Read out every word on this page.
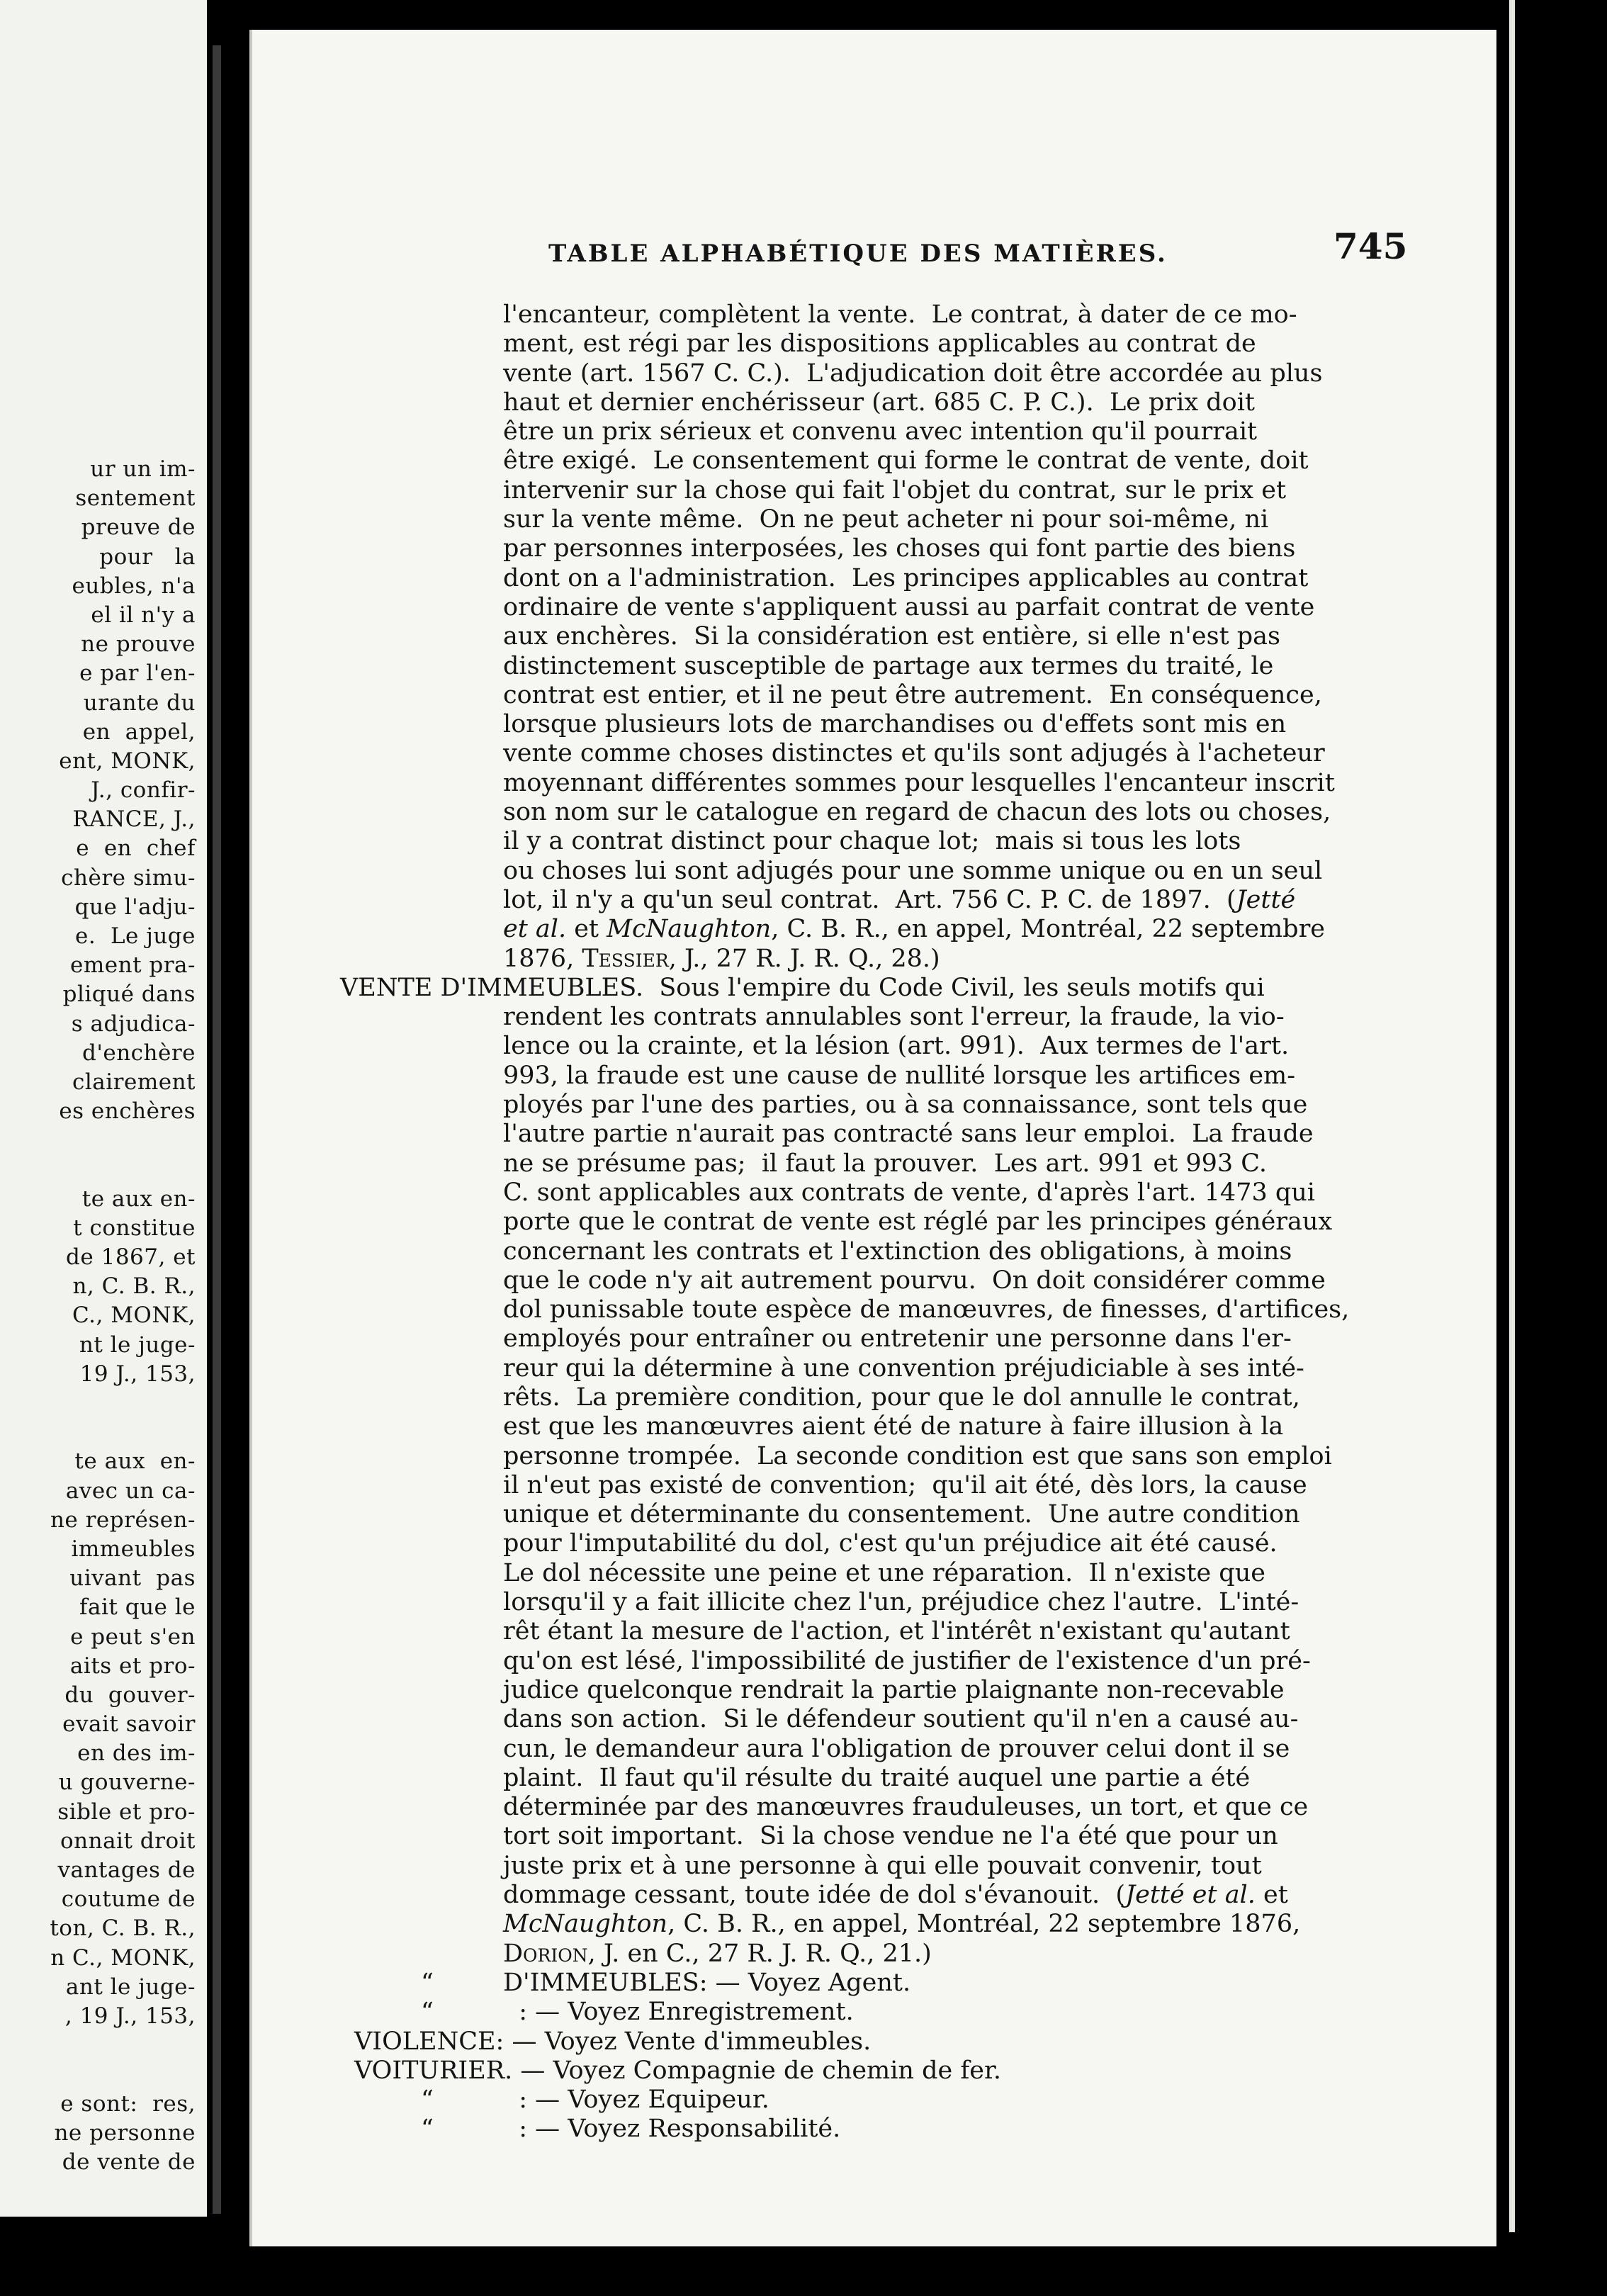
ur un im-
sentement
preuve de
pour   la
eubles, n'a
el il n'y a
ne prouve
e par l'en-
urante du
en  appel,
ent, MONK,
J., confir-
RANCE, J.,
e  en  chef
chère simu-
que l'adju-
e.  Le juge
ement pra-
pliqué dans
s adjudica-
d'enchère
clairement
es enchères
te aux en-
t constitue
de 1867, et
n, C. B. R.,
C., MONK,
nt le juge-
19 J., 153,
te aux  en-
avec un ca-
ne représen-
immeubles
uivant  pas
fait que le
e peut s'en
aits et pro-
du  gouver-
evait savoir
en des im-
u gouverne-
sible et pro-
onnait droit
vantages de
coutume de
ton, C. B. R.,
n C., MONK,
ant le juge-
, 19 J., 153,
e sont:  res,
ne personne
de vente de
TABLE ALPHABÉTIQUE DES MATIÈRES.	745
l'encanteur, complètent la vente.  Le contrat, à dater de ce mo-
ment, est régi par les dispositions applicables au contrat de
vente (art. 1567 C. C.).  L'adjudication doit être accordée au plus
haut et dernier enchérisseur (art. 685 C. P. C.).  Le prix doit
être un prix sérieux et convenu avec intention qu'il pourrait
être exigé.  Le consentement qui forme le contrat de vente, doit
intervenir sur la chose qui fait l'objet du contrat, sur le prix et
sur la vente même.  On ne peut acheter ni pour soi-même, ni
par personnes interposées, les choses qui font partie des biens
dont on a l'administration.  Les principes applicables au contrat
ordinaire de vente s'appliquent aussi au parfait contrat de vente
aux enchères.  Si la considération est entière, si elle n'est pas
distinctement susceptible de partage aux termes du traité, le
contrat est entier, et il ne peut être autrement.  En conséquence,
lorsque plusieurs lots de marchandises ou d'effets sont mis en
vente comme choses distinctes et qu'ils sont adjugés à l'acheteur
moyennant différentes sommes pour lesquelles l'encanteur inscrit
son nom sur le catalogue en regard de chacun des lots ou choses,
il y a contrat distinct pour chaque lot;  mais si tous les lots
ou choses lui sont adjugés pour une somme unique ou en un seul
lot, il n'y a qu'un seul contrat.  Art. 756 C. P. C. de 1897.  (Jetté
et al. et McNaughton, C. B. R., en appel, Montréal, 22 septembre
1876, Tessier, J., 27 R. J. R. Q., 28.)
VENTE D'IMMEUBLES.  Sous l'empire du Code Civil, les seuls motifs qui
rendent les contrats annulables sont l'erreur, la fraude, la vio-
lence ou la crainte, et la lésion (art. 991).  Aux termes de l'art.
993, la fraude est une cause de nullité lorsque les artifices em-
ployés par l'une des parties, ou à sa connaissance, sont tels que
l'autre partie n'aurait pas contracté sans leur emploi.  La fraude
ne se présume pas;  il faut la prouver.  Les art. 991 et 993 C.
C. sont applicables aux contrats de vente, d'après l'art. 1473 qui
porte que le contrat de vente est réglé par les principes généraux
concernant les contrats et l'extinction des obligations, à moins
que le code n'y ait autrement pourvu.  On doit considérer comme
dol punissable toute espèce de manœuvres, de finesses, d'artifices,
employés pour entraîner ou entretenir une personne dans l'er-
reur qui la détermine à une convention préjudiciable à ses inté-
rêts.  La première condition, pour que le dol annulle le contrat,
est que les manœuvres aient été de nature à faire illusion à la
personne trompée.  La seconde condition est que sans son emploi
il n'eut pas existé de convention;  qu'il ait été, dès lors, la cause
unique et déterminante du consentement.  Une autre condition
pour l'imputabilité du dol, c'est qu'un préjudice ait été causé.
Le dol nécessite une peine et une réparation.  Il n'existe que
lorsqu'il y a fait illicite chez l'un, préjudice chez l'autre.  L'inté-
rêt étant la mesure de l'action, et l'intérêt n'existant qu'autant
qu'on est lésé, l'impossibilité de justifier de l'existence d'un pré-
judice quelconque rendrait la partie plaignante non-recevable
dans son action.  Si le défendeur soutient qu'il n'en a causé au-
cun, le demandeur aura l'obligation de prouver celui dont il se
plaint.  Il faut qu'il résulte du traité auquel une partie a été
déterminée par des manœuvres frauduleuses, un tort, et que ce
tort soit important.  Si la chose vendue ne l'a été que pour un
juste prix et à une personne à qui elle pouvait convenir, tout
dommage cessant, toute idée de dol s'évanouit.  (Jetté et al. et
McNaughton, C. B. R., en appel, Montréal, 22 septembre 1876,
Dorion, J. en C., 27 R. J. R. Q., 21.)
“	D'IMMEUBLES: — Voyez Agent.
“	: — Voyez Enregistrement.
VIOLENCE: — Voyez Vente d'immeubles.
VOITURIER. — Voyez Compagnie de chemin de fer.
“	: — Voyez Equipeur.
“	: — Voyez Responsabilité.
